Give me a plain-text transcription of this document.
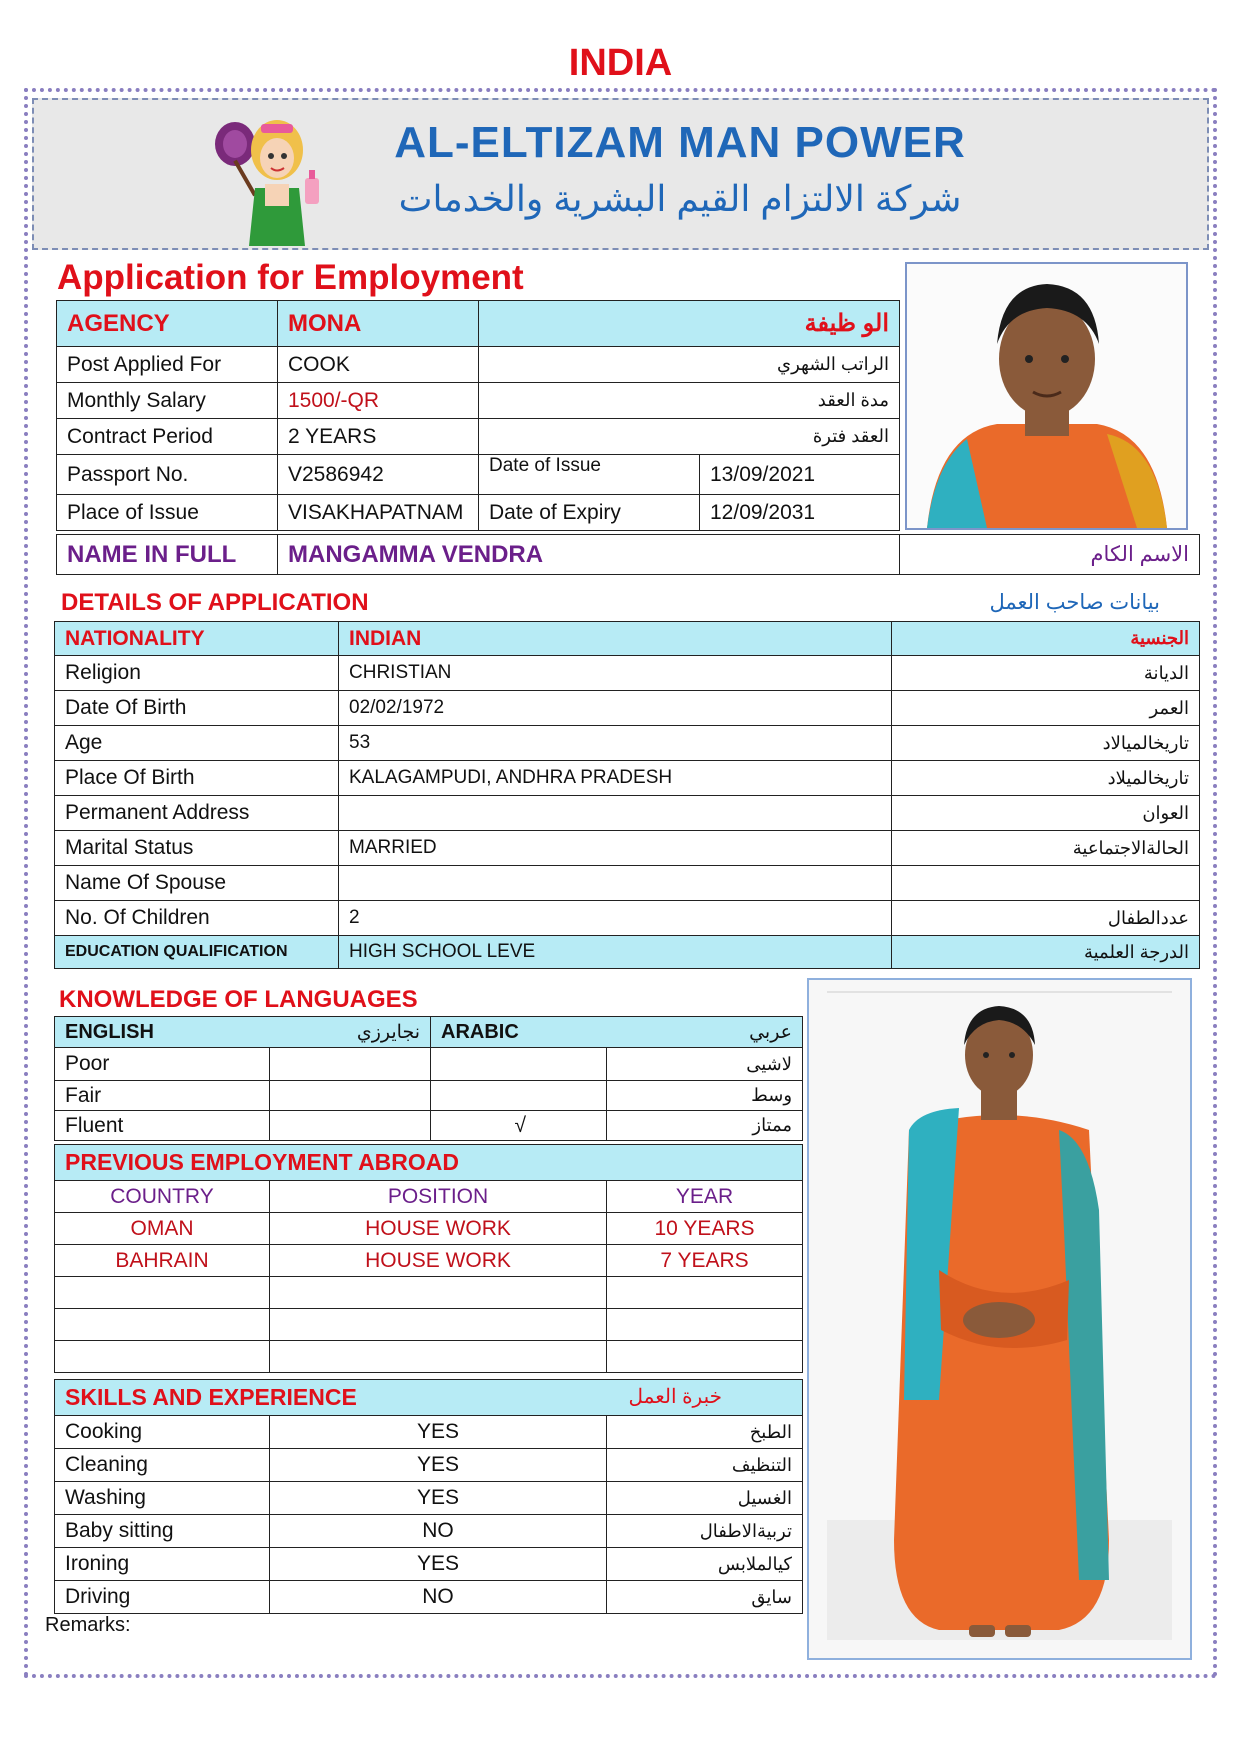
INDIA
AL-ELTIZAM MAN POWER
شركة الالتزام القيم البشرية والخدمات
Application for Employment
AGENCY	MONA	الو ظيفة	
Post Applied For	COOK	الراتب الشهري	
Monthly Salary	1500/-QR	مدة العقد	
Contract Period	2 YEARS	العقد فترة	
Passport No.	V2586942	Date of Issue	13/09/2021
Place of Issue	VISAKHAPATNAM	Date of Expiry	12/09/2031
NAME IN FULL	MANGAMMA VENDRA	الاسم الكام
DETAILS OF APPLICATION	بيانات صاحب العمل
NATIONALITY	INDIAN	الجنسية
Religion	CHRISTIAN	الديانة
Date Of Birth	02/02/1972	العمر
Age	53	تاريخالميالاد
Place Of Birth	KALAGAMPUDI, ANDHRA PRADESH	تاريخالميلاد
Permanent Address		العوان
Marital Status	MARRIED	الحالةالاجتماعية
Name Of Spouse		
No. Of Children	2	عددالطفال
EDUCATION QUALIFICATION	HIGH SCHOOL LEVE	الدرجة العلمية
KNOWLEDGE OF LANGUAGES
ENGLISH نجايرزي		ARABIC عربي	

Poor			لاشيى
Fair			وسط
Fluent		√	ممتاز
PREVIOUS EMPLOYMENT ABROAD		
COUNTRY	POSITION	YEAR
OMAN	HOUSE WORK	10 YEARS
BAHRAIN	HOUSE WORK	7 YEARS

SKILLS AND EXPERIENCE خبرة العمل		

Cooking	YES	الطبخ
Cleaning	YES	التنظيف
Washing	YES	الغسيل
Baby sitting	NO	تربيةالاطفال
Ironing	YES	كيالملابس
Driving	NO	سايق
Remarks:
